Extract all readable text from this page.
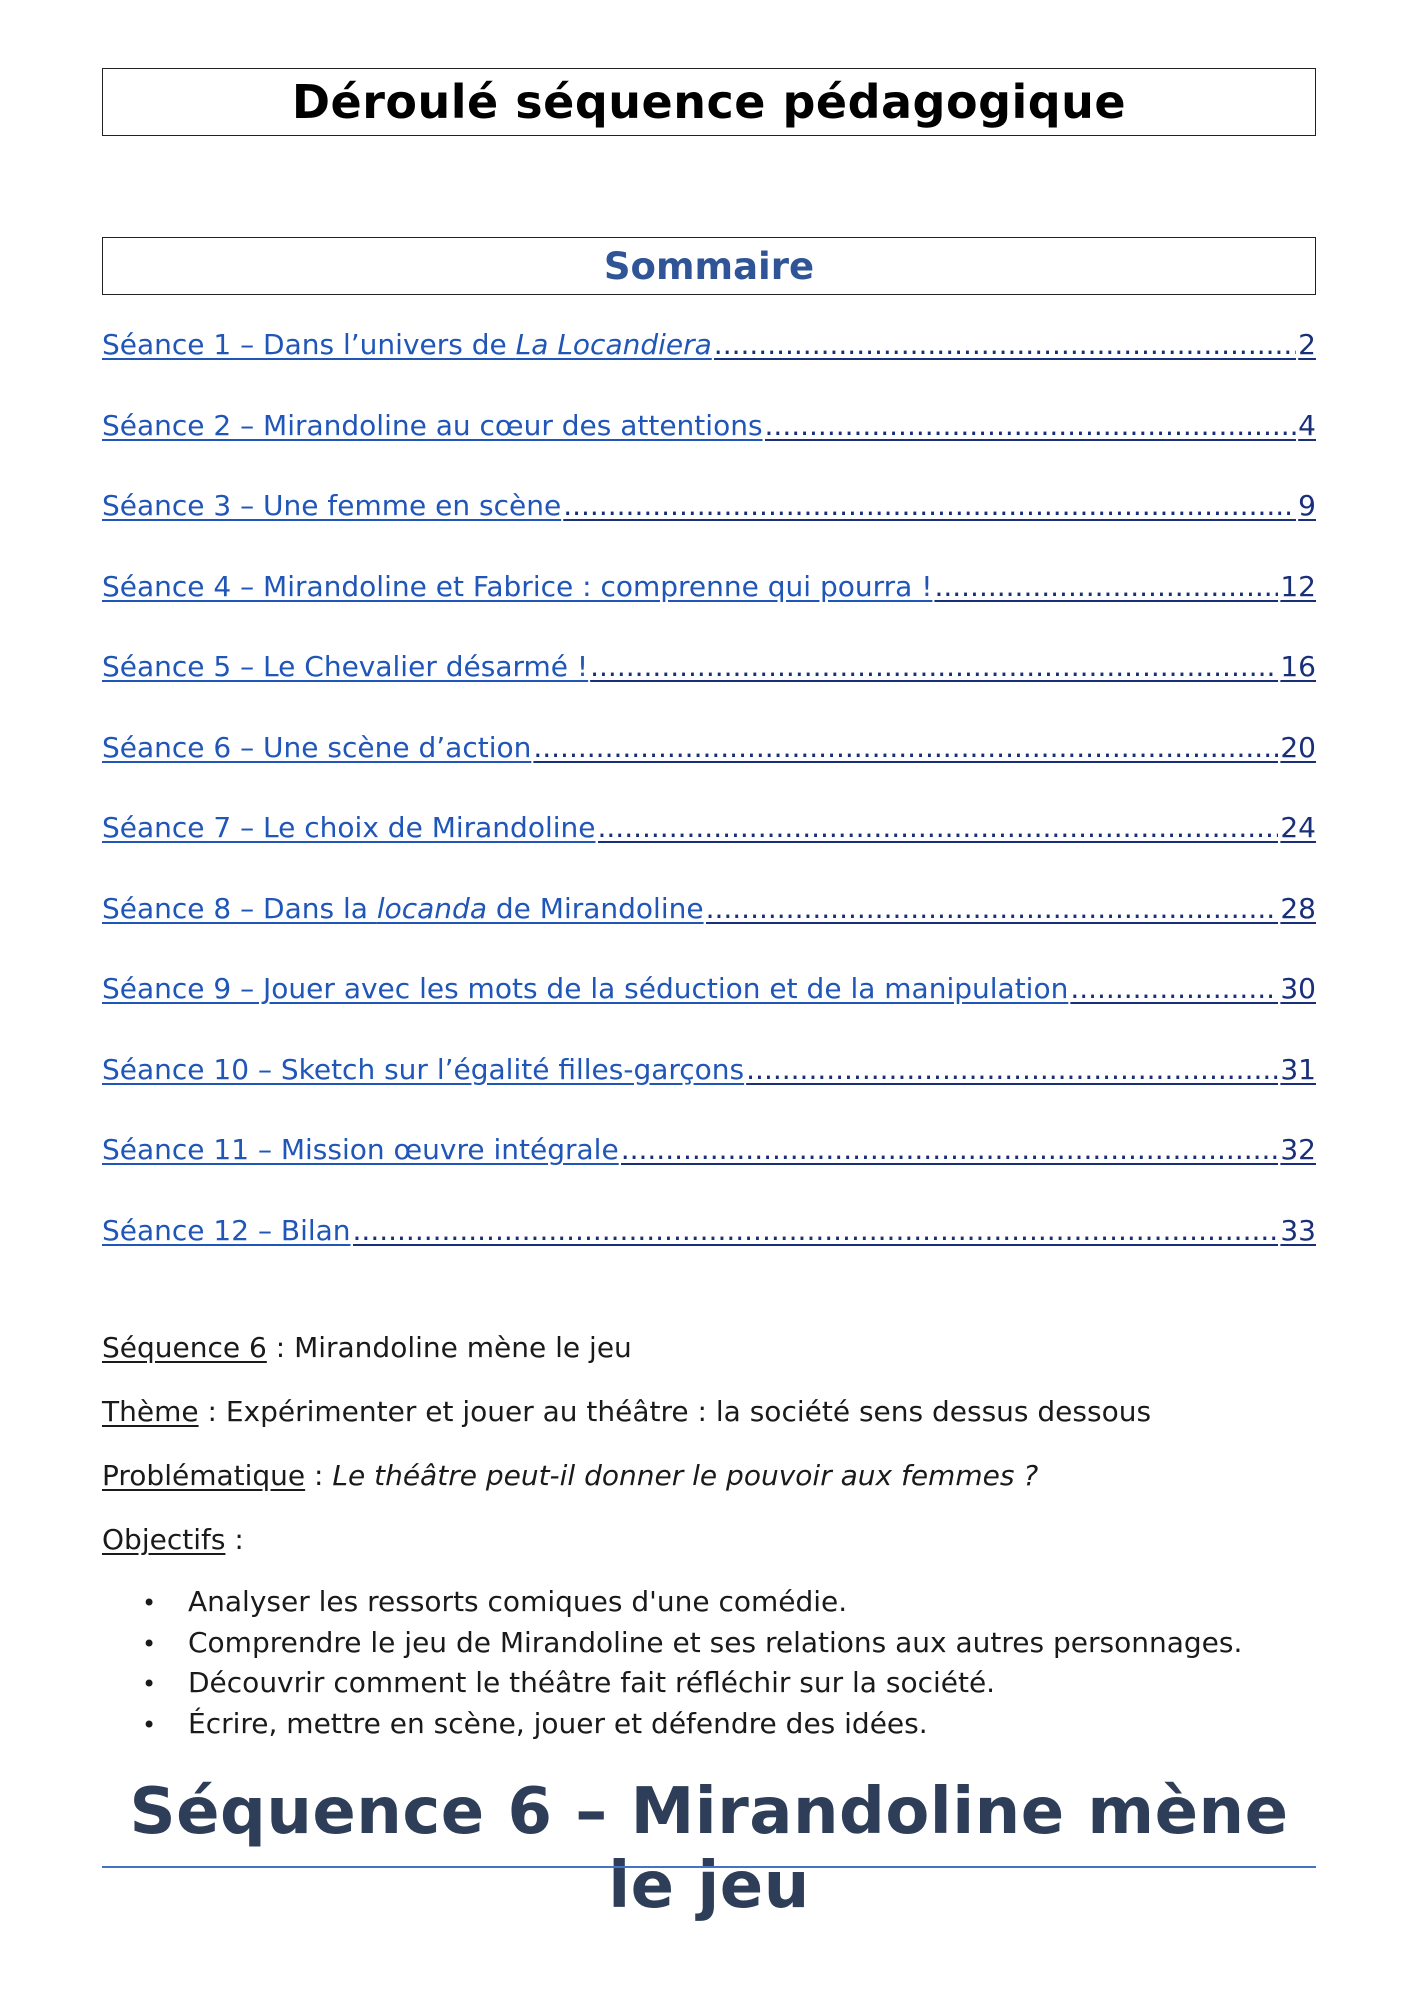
Déroulé séquence pédagogique
Sommaire
Séance 1 – Dans l’univers de La Locandiera .....	2
Séance 2 – Mirandoline au cœur des attentions .....	4
Séance 3 – Une femme en scène .....	9
Séance 4 – Mirandoline et Fabrice : comprenne qui pourra ! .....	12
Séance 5 – Le Chevalier désarmé ! .....	16
Séance 6 – Une scène d’action .....	20
Séance 7 – Le choix de Mirandoline .....	24
Séance 8 – Dans la locanda de Mirandoline .....	28
Séance 9 – Jouer avec les mots de la séduction et de la manipulation .....	30
Séance 10 – Sketch sur l’égalité filles-garçons .....	31
Séance 11 – Mission œuvre intégrale .....	32
Séance 12 – Bilan .....	33
Séquence 6 : Mirandoline mène le jeu
Thème : Expérimenter et jouer au théâtre : la société sens dessus dessous
Problématique : Le théâtre peut-il donner le pouvoir aux femmes ?
Objectifs :
•	Analyser les ressorts comiques d'une comédie.
•	Comprendre le jeu de Mirandoline et ses relations aux autres personnages.
•	Découvrir comment le théâtre fait réfléchir sur la société.
•	Écrire, mettre en scène, jouer et défendre des idées.
Séquence 6 – Mirandoline mène le jeu
